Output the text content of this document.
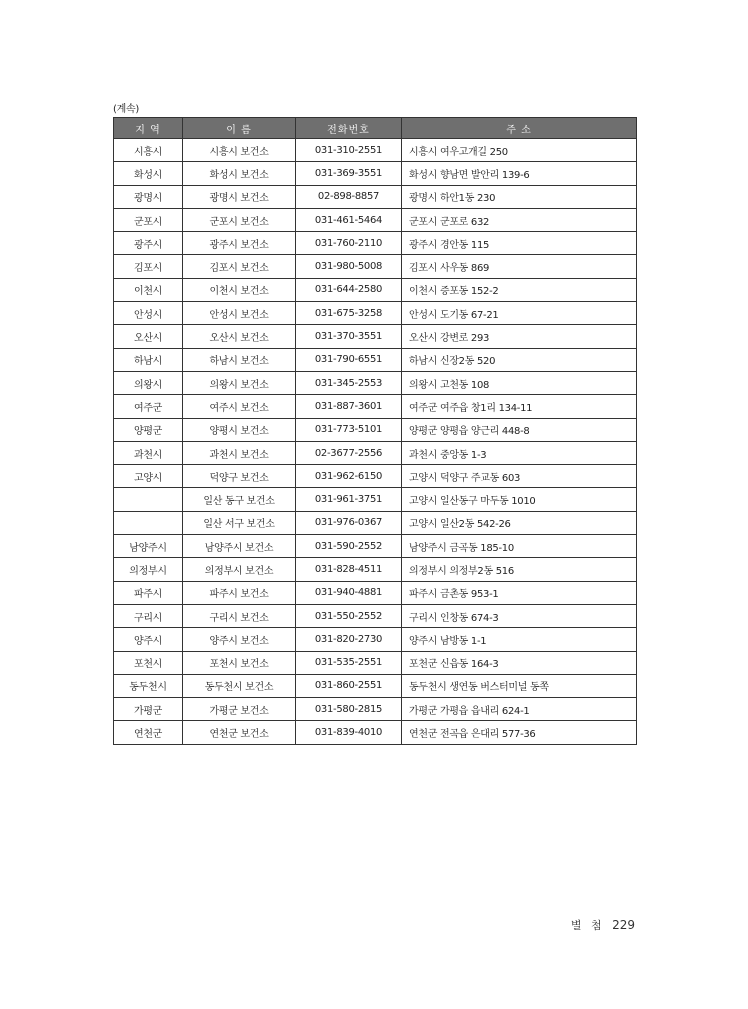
(계속)
지 역	이 름	전화번호	주 소
시흥시	시흥시 보건소	031-310-2551	시흥시 여우고개길 250
화성시	화성시 보건소	031-369-3551	화성시 향남면 발안리 139-6
광명시	광명시 보건소	02-898-8857	광명시 하안1동 230
군포시	군포시 보건소	031-461-5464	군포시 군포로 632
광주시	광주시 보건소	031-760-2110	광주시 경안동 115
김포시	김포시 보건소	031-980-5008	김포시 사우동 869
이천시	이천시 보건소	031-644-2580	이천시 증포동 152-2
안성시	안성시 보건소	031-675-3258	안성시 도기동 67-21
오산시	오산시 보건소	031-370-3551	오산시 강변로 293
하남시	하남시 보건소	031-790-6551	하남시 신장2동 520
의왕시	의왕시 보건소	031-345-2553	의왕시 고천동 108
여주군	여주시 보건소	031-887-3601	여주군 여주읍 창1리 134-11
양평군	양평시 보건소	031-773-5101	양평군 양평읍 양근리 448-8
과천시	과천시 보건소	02-3677-2556	과천시 중앙동 1-3
고양시	덕양구 보건소	031-962-6150	고양시 덕양구 주교동 603
	일산 동구 보건소	031-961-3751	고양시 일산동구 마두동 1010
	일산 서구 보건소	031-976-0367	고양시 일산2동 542-26
남양주시	남양주시 보건소	031-590-2552	남양주시 금곡동 185-10
의정부시	의정부시 보건소	031-828-4511	의정부시 의정부2동 516
파주시	파주시 보건소	031-940-4881	파주시 금촌동 953-1
구리시	구리시 보건소	031-550-2552	구리시 인창동 674-3
양주시	양주시 보건소	031-820-2730	양주시 남방동 1-1
포천시	포천시 보건소	031-535-2551	포천군 신읍동 164-3
동두천시	동두천시 보건소	031-860-2551	동두천시 생연동 버스터미널 동쪽
가평군	가평군 보건소	031-580-2815	가평군 가평읍 읍내리 624-1
연천군	연천군 보건소	031-839-4010	연천군 전곡읍 은대리 577-36
별 첨 229
